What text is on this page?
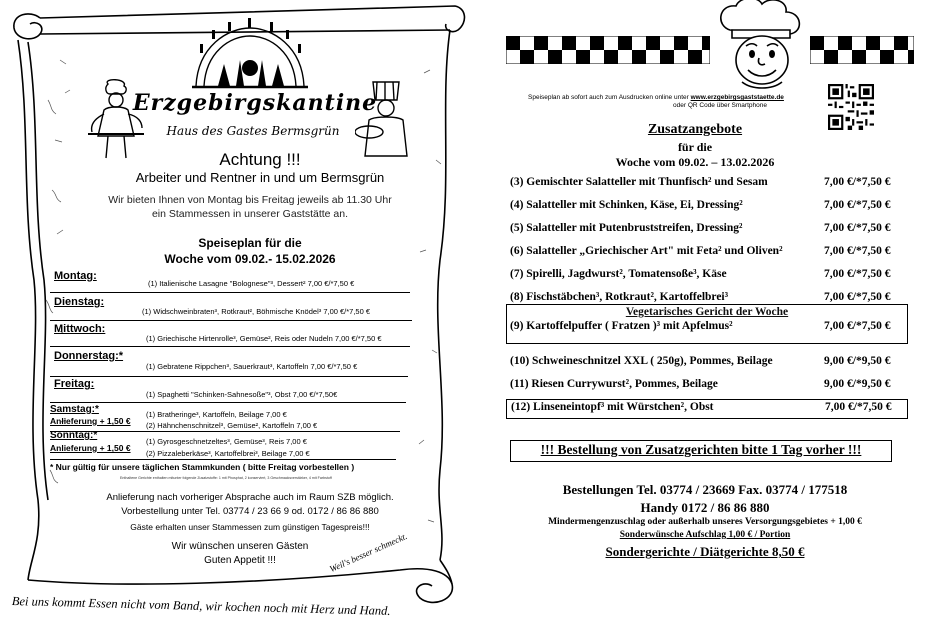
Erzgebirgskantine
Haus des Gastes Bermsgrün
Achtung !!!
Arbeiter und Rentner in und um Bermsgrün
Wir bieten Ihnen von Montag bis Freitag jeweils ab 11.30 Uhr
ein Stammessen in unserer Gaststätte an.
Speiseplan für die
Woche vom 09.02.- 15.02.2026
Montag:
(1) Italienische Lasagne "Bolognese"³, Dessert² 7,00 €/*7,50 €
Dienstag:
(1) Widschweinbraten³, Rotkraut², Böhmische Knödel³ 7,00 €/*7,50 €
Mittwoch:
(1) Griechische Hirtenrolle³, Gemüse², Reis oder Nudeln 7,00 €/*7,50 €
Donnerstag:*
(1) Gebratene Rippchen³, Sauerkraut³, Kartoffeln 7,00 €/*7,50 €
Freitag:
(1) Spaghetti "Schinken-Sahnesoße"³, Obst 7,00 €/*7,50€
Samstag:*
Anlieferung + 1,50 €
(1) Bratheringe³, Kartoffeln, Beilage 7,00 €
(2) Hähnchenschnitzel³, Gemüse², Kartoffeln 7,00 €
Sonntag:*
Anlieferung + 1,50 €
(1) Gyrosgeschnetzeltes³, Gemüse³, Reis 7,00 €
(2) Pizzaleberkäse³, Kartoffelbrei³, Beilage 7,00 €
* Nur gültig für unsere täglichen Stammkunden ( bitte Freitag vorbestellen )
Enthaltene Gerichte enthalten mitunter folgende Zusatzstoffe: 1 mit Phosphat, 2 konserviert, 3 Geschmacksverstärker, 4 mit Farbstoff
Anlieferung nach vorheriger Absprache auch im Raum SZB möglich.
Vorbestellung unter Tel. 03774 / 23 66 9 od. 0172 / 86 86 880
Gäste erhalten unser Stammessen zum günstigen Tagespreis!!!
Wir wünschen unseren Gästen
Guten Appetit !!!	Weil's besser schmeckt.
Bei uns kommt Essen nicht vom Band, wir kochen noch mit Herz und Hand.
Speiseplan ab sofort auch zum Ausdrucken online unter www.erzgebirgsgaststaette.de
oder QR Code über Smartphone
Zusatzangebote
für die
Woche vom 09.02. – 13.02.2026
(3) Gemischter Salatteller mit Thunfisch² und Sesam	7,00 €/*7,50 €
(4) Salatteller mit Schinken, Käse, Ei, Dressing²	7,00 €/*7,50 €
(5) Salatteller mit Putenbruststreifen, Dressing²	7,00 €/*7,50 €
(6) Salatteller „Griechischer Art" mit Feta² und Oliven²	7,00 €/*7,50 €
(7) Spirelli, Jagdwurst², Tomatensoße³, Käse	7,00 €/*7,50 €
(8) Fischstäbchen³, Rotkraut², Kartoffelbrei³	7,00 €/*7,50 €
Vegetarisches Gericht der Woche
(9) Kartoffelpuffer ( Fratzen )³ mit Apfelmus²	7,00 €/*7,50 €
(10) Schweineschnitzel XXL ( 250g), Pommes, Beilage	9,00 €/*9,50 €
(11) Riesen Currywurst², Pommes, Beilage	9,00 €/*9,50 €
(12) Linseneintopf³ mit Würstchen², Obst	7,00 €/*7,50 €
!!! Bestellung von Zusatzgerichten bitte 1 Tag vorher !!!
Bestellungen Tel. 03774 / 23669 Fax. 03774 / 177518
Handy 0172 / 86 86 880
Mindermengenzuschlag oder außerhalb unseres Versorgungsgebietes + 1,00 €
Sonderwünsche Aufschlag 1,00 € / Portion
Sondergerichte / Diätgerichte 8,50 €
